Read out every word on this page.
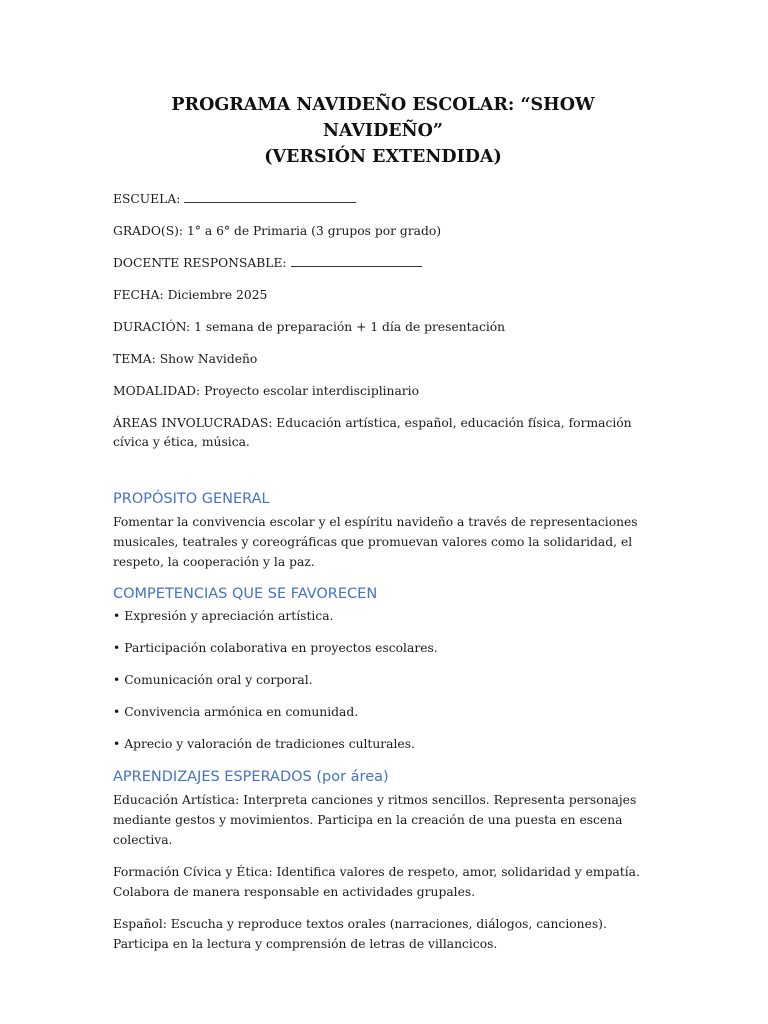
PROGRAMA NAVIDEÑO ESCOLAR: “SHOW NAVIDEÑO”
(VERSIÓN EXTENDIDA)

ESCUELA:

GRADO(S): 1° a 6° de Primaria (3 grupos por grado)

DOCENTE RESPONSABLE:

FECHA: Diciembre 2025

DURACIÓN: 1 semana de preparación + 1 día de presentación

TEMA: Show Navideño

MODALIDAD: Proyecto escolar interdisciplinario

ÁREAS INVOLUCRADAS: Educación artística, español, educación física, formación cívica y ética, música.

PROPÓSITO GENERAL

Fomentar la convivencia escolar y el espíritu navideño a través de representaciones musicales, teatrales y coreográficas que promuevan valores como la solidaridad, el respeto, la cooperación y la paz.

COMPETENCIAS QUE SE FAVORECEN

• Expresión y apreciación artística.

• Participación colaborativa en proyectos escolares.

• Comunicación oral y corporal.

• Convivencia armónica en comunidad.

• Aprecio y valoración de tradiciones culturales.

APRENDIZAJES ESPERADOS (por área)

Educación Artística: Interpreta canciones y ritmos sencillos. Representa personajes mediante gestos y movimientos. Participa en la creación de una puesta en escena colectiva.

Formación Cívica y Ética: Identifica valores de respeto, amor, solidaridad y empatía. Colabora de manera responsable en actividades grupales.

Español: Escucha y reproduce textos orales (narraciones, diálogos, canciones). Participa en la lectura y comprensión de letras de villancicos.
